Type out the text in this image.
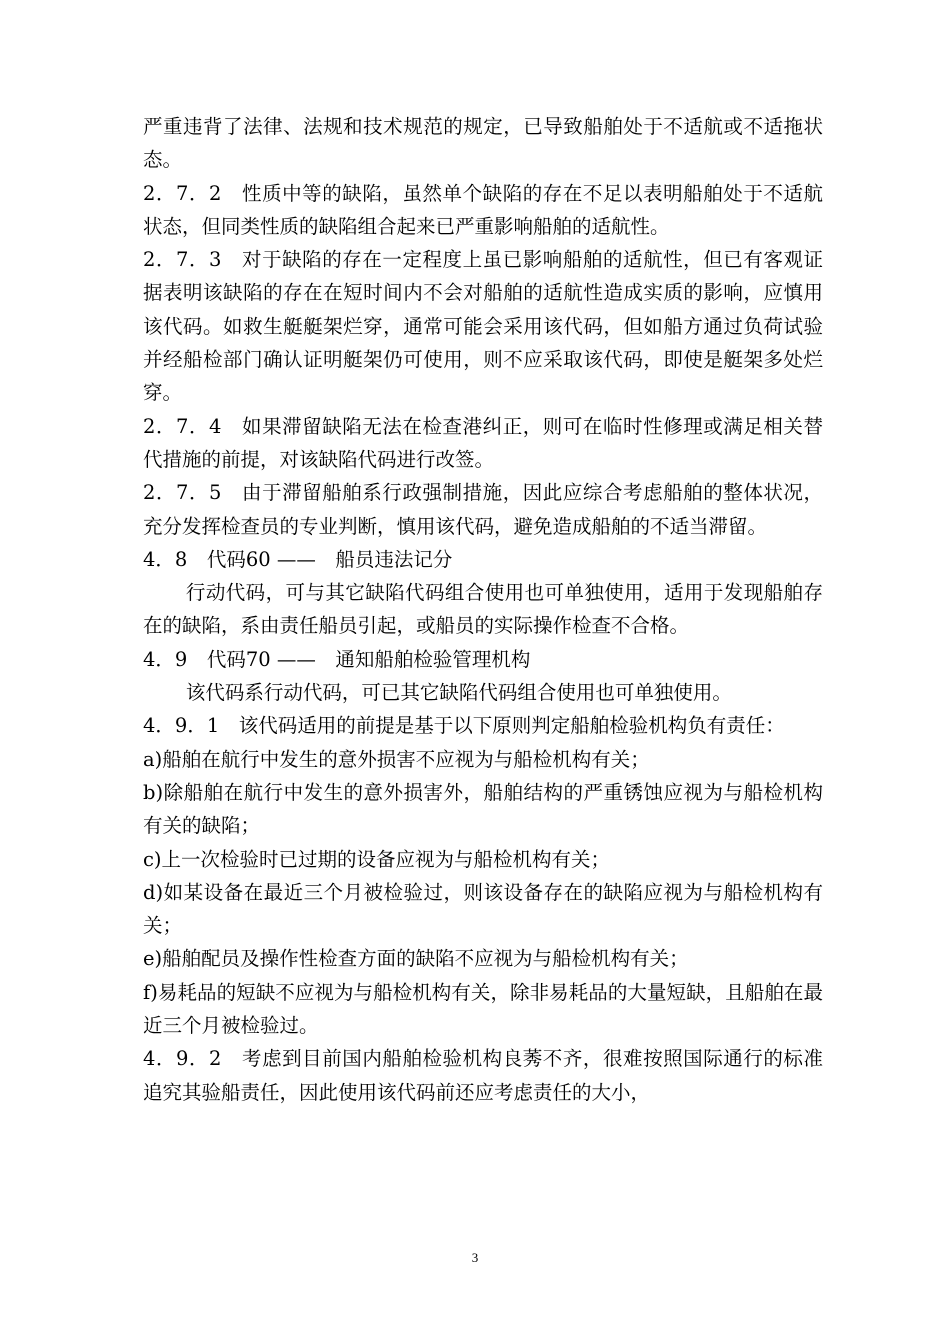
严重违背了法律、法规和技术规范的规定，已导致船舶处于不适航或不适拖状态。

2．7．2　性质中等的缺陷，虽然单个缺陷的存在不足以表明船舶处于不适航状态，但同类性质的缺陷组合起来已严重影响船舶的适航性。

2．7．3　对于缺陷的存在一定程度上虽已影响船舶的适航性，但已有客观证据表明该缺陷的存在在短时间内不会对船舶的适航性造成实质的影响，应慎用该代码。如救生艇艇架烂穿，通常可能会采用该代码，但如船方通过负荷试验并经船检部门确认证明艇架仍可使用，则不应采取该代码，即使是艇架多处烂穿。

2．7．4　如果滞留缺陷无法在检查港纠正，则可在临时性修理或满足相关替代措施的前提，对该缺陷代码进行改签。

2．7．5　由于滞留船舶系行政强制措施，因此应综合考虑船舶的整体状况，充分发挥检查员的专业判断，慎用该代码，避免造成船舶的不适当滞留。

4．8　代码60 ——　船员违法记分

行动代码，可与其它缺陷代码组合使用也可单独使用，适用于发现船舶存在的缺陷，系由责任船员引起，或船员的实际操作检查不合格。

4．9　代码70 ——　通知船舶检验管理机构

该代码系行动代码，可已其它缺陷代码组合使用也可单独使用。

4．9．1　该代码适用的前提是基于以下原则判定船舶检验机构负有责任：

a)船舶在航行中发生的意外损害不应视为与船检机构有关；

b)除船舶在航行中发生的意外损害外，船舶结构的严重锈蚀应视为与船检机构有关的缺陷；

c)上一次检验时已过期的设备应视为与船检机构有关；

d)如某设备在最近三个月被检验过，则该设备存在的缺陷应视为与船检机构有关；

e)船舶配员及操作性检查方面的缺陷不应视为与船检机构有关；

f)易耗品的短缺不应视为与船检机构有关，除非易耗品的大量短缺，且船舶在最近三个月被检验过。

4．9．2　考虑到目前国内船舶检验机构良莠不齐，很难按照国际通行的标准追究其验船责任，因此使用该代码前还应考虑责任的大小，

3
